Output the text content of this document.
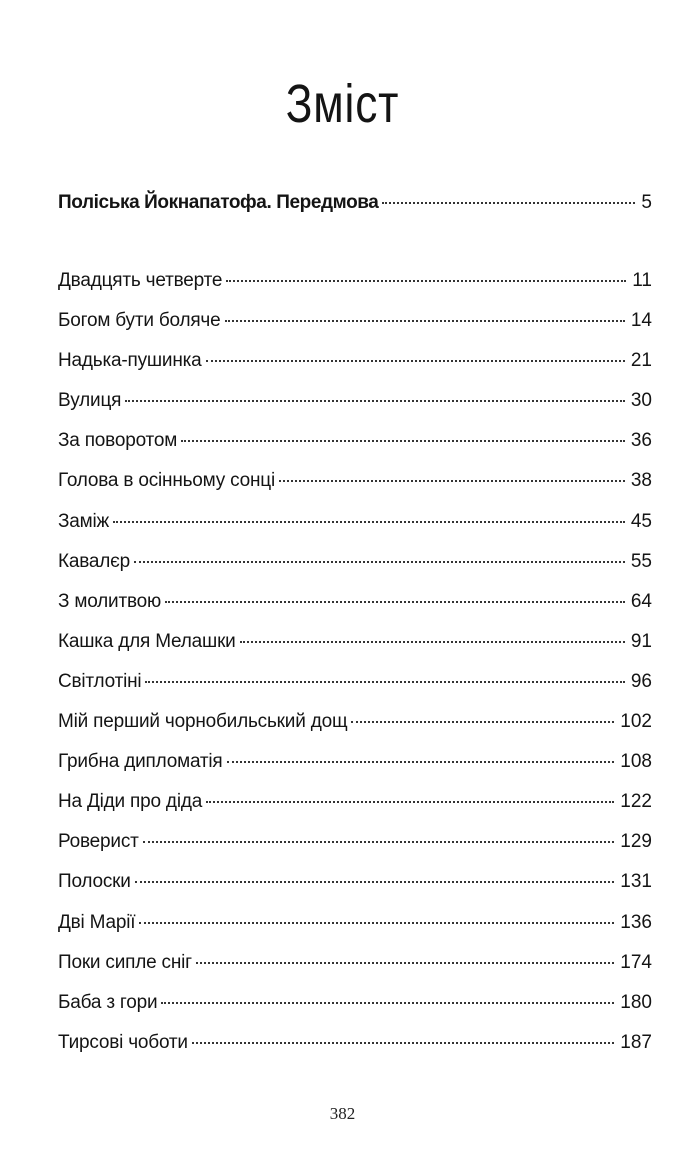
Зміст
Поліська Йокнапатофа. Передмова	5
Двадцять четверте	11
Богом бути боляче	14
Надька-пушинка	21
Вулиця	30
За поворотом	36
Голова в осінньому сонці	38
Заміж	45
Кавалєр	55
З молитвою	64
Кашка для Мелашки	91
Світлотіні	96
Мій перший чорнобильський дощ	102
Грибна дипломатія	108
На Діди про діда	122
Роверист	129
Полоски	131
Дві Марії	136
Поки сипле сніг	174
Баба з гори	180
Тирсові чоботи	187
382
